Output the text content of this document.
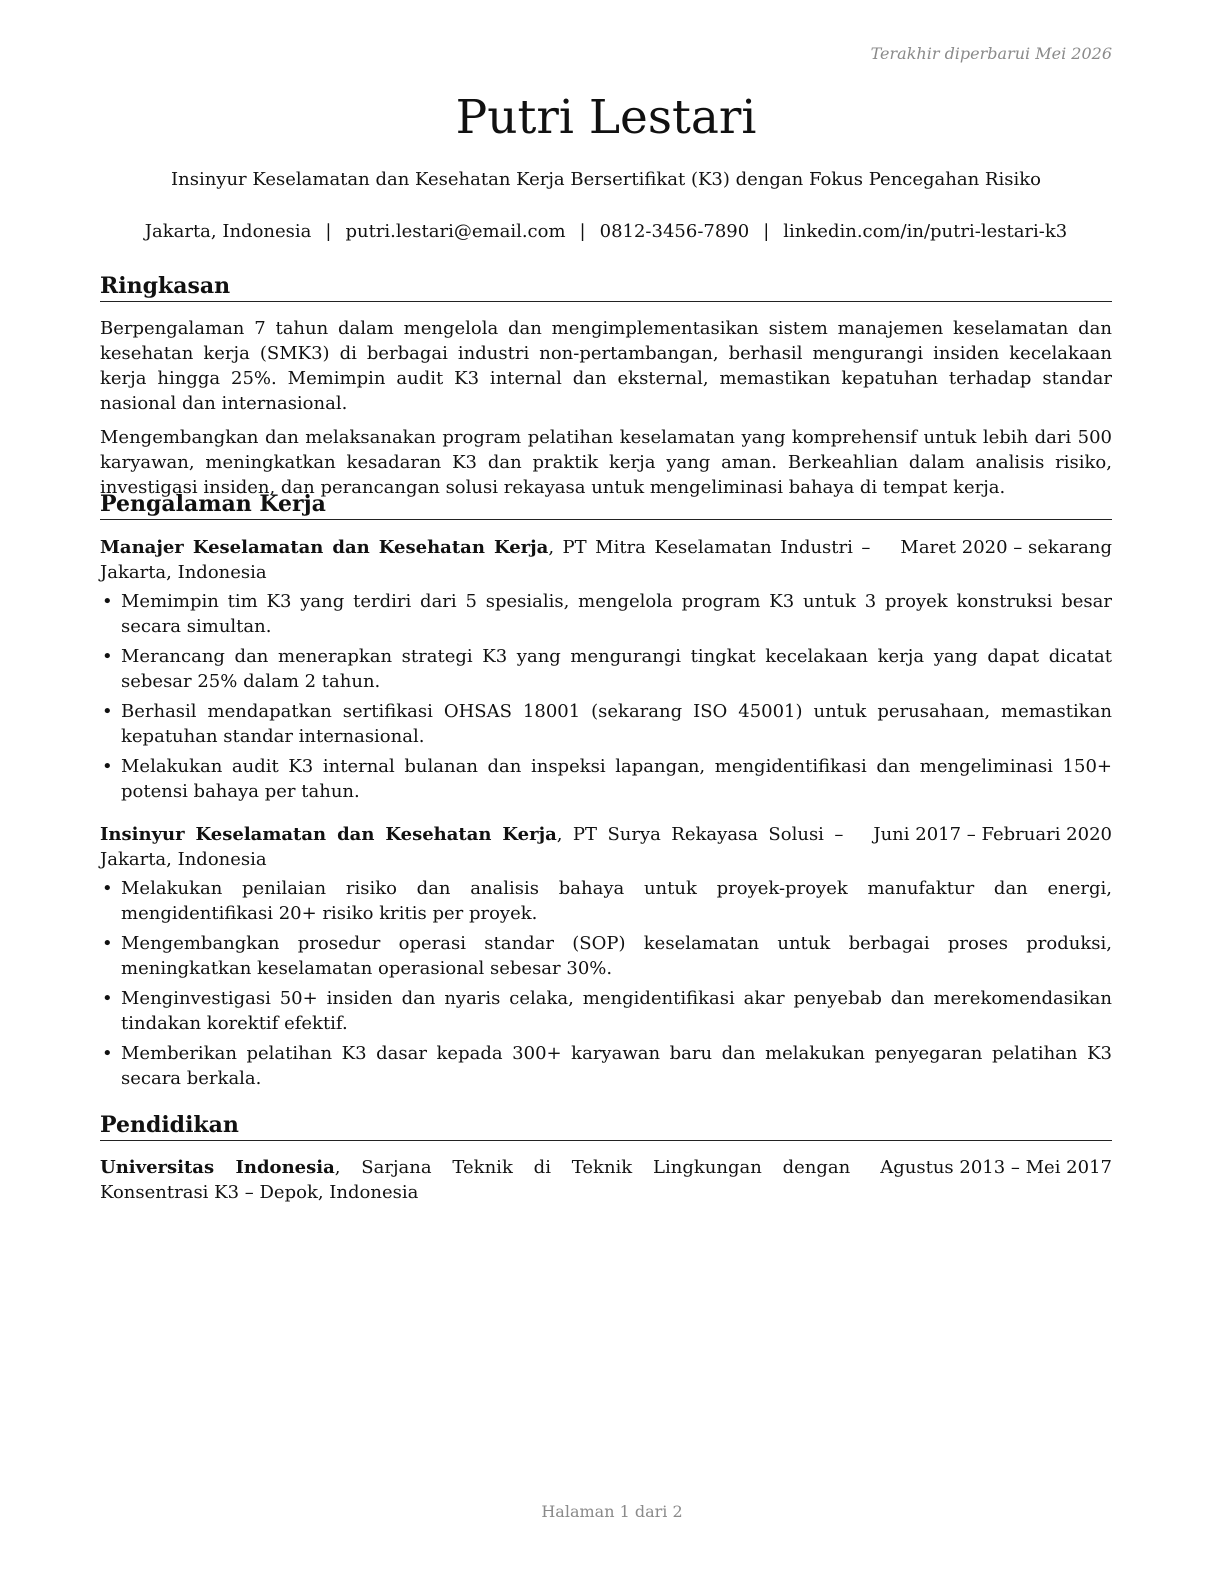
Terakhir diperbarui Mei 2026
Putri Lestari
Insinyur Keselamatan dan Kesehatan Kerja Bersertifikat (K3) dengan Fokus Pencegahan Risiko
Jakarta, Indonesia | putri.lestari@email.com | 0812-3456-7890 | linkedin.com/in/putri-lestari-k3
Ringkasan

Berpengalaman 7 tahun dalam mengelola dan mengimplementasikan sistem manajemen keselamatan dan kesehatan kerja (SMK3) di berbagai industri non-pertambangan, berhasil mengurangi insiden kecelakaan kerja hingga 25%. Memimpin audit K3 internal dan eksternal, memastikan kepatuhan terhadap standar nasional dan internasional.

Mengembangkan dan melaksanakan program pelatihan keselamatan yang komprehensif untuk lebih dari 500 karyawan, meningkatkan kesadaran K3 dan praktik kerja yang aman. Berkeahlian dalam analisis risiko, investigasi insiden, dan perancangan solusi rekayasa untuk mengeliminasi bahaya di tempat kerja.

Pengalaman Kerja
Manajer Keselamatan dan Kesehatan Kerja, PT Mitra Keselamatan Industri – Jakarta, Indonesia
Maret 2020 – sekarang
• Memimpin tim K3 yang terdiri dari 5 spesialis, mengelola program K3 untuk 3 proyek konstruksi besar secara simultan.
• Merancang dan menerapkan strategi K3 yang mengurangi tingkat kecelakaan kerja yang dapat dicatat sebesar 25% dalam 2 tahun.
• Berhasil mendapatkan sertifikasi OHSAS 18001 (sekarang ISO 45001) untuk perusahaan, memastikan kepatuhan standar internasional.
• Melakukan audit K3 internal bulanan dan inspeksi lapangan, mengidentifikasi dan mengeliminasi 150+ potensi bahaya per tahun.
Insinyur Keselamatan dan Kesehatan Kerja, PT Surya Rekayasa Solusi – Jakarta, Indonesia
Juni 2017 – Februari 2020
• Melakukan penilaian risiko dan analisis bahaya untuk proyek-proyek manufaktur dan energi, mengidentifikasi 20+ risiko kritis per proyek.
• Mengembangkan prosedur operasi standar (SOP) keselamatan untuk berbagai proses produksi, meningkatkan keselamatan operasional sebesar 30%.
• Menginvestigasi 50+ insiden dan nyaris celaka, mengidentifikasi akar penyebab dan merekomendasikan tindakan korektif efektif.
• Memberikan pelatihan K3 dasar kepada 300+ karyawan baru dan melakukan penyegaran pelatihan K3 secara berkala.
Pendidikan
Universitas Indonesia, Sarjana Teknik di Teknik Lingkungan dengan Konsentrasi K3 – Depok, Indonesia
Agustus 2013 – Mei 2017
Halaman 1 dari 2
